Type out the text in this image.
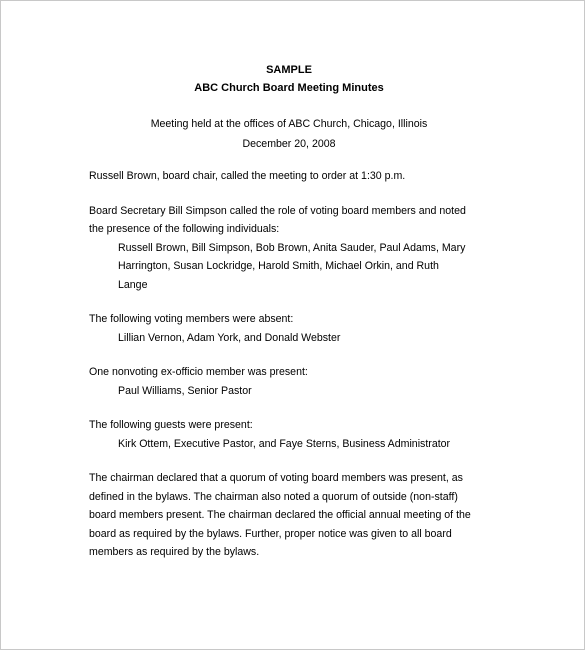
SAMPLE

ABC Church Board Meeting Minutes

Meeting held at the offices of ABC Church, Chicago, Illinois

December 20, 2008

Russell Brown, board chair, called the meeting to order at 1:30 p.m.

Board Secretary Bill Simpson called the role of voting board members and noted

the presence of the following individuals:

Russell Brown, Bill Simpson, Bob Brown, Anita Sauder, Paul Adams, Mary

Harrington, Susan Lockridge, Harold Smith, Michael Orkin, and Ruth

Lange

The following voting members were absent:

Lillian Vernon, Adam York, and Donald Webster

One nonvoting ex-officio member was present:

Paul Williams, Senior Pastor

The following guests were present:

Kirk Ottem, Executive Pastor, and Faye Sterns, Business Administrator

The chairman declared that a quorum of voting board members was present, as

defined in the bylaws. The chairman also noted a quorum of outside (non-staff)

board members present. The chairman declared the official annual meeting of the

board as required by the bylaws. Further, proper notice was given to all board

members as required by the bylaws.
